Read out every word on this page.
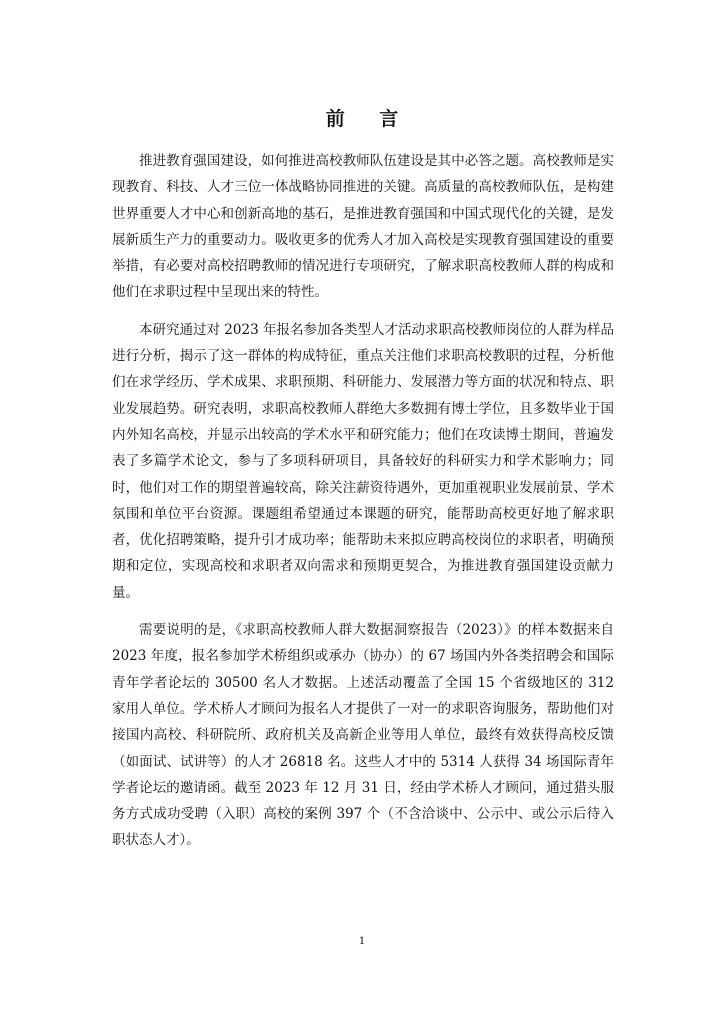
前 言

推进教育强国建设，如何推进高校教师队伍建设是其中必答之题。高校教师是实现教育、科技、人才三位一体战略协同推进的关键。高质量的高校教师队伍，是构建世界重要人才中心和创新高地的基石，是推进教育强国和中国式现代化的关键，是发展新质生产力的重要动力。吸收更多的优秀人才加入高校是实现教育强国建设的重要举措，有必要对高校招聘教师的情况进行专项研究，了解求职高校教师人群的构成和他们在求职过程中呈现出来的特性。

本研究通过对 2023 年报名参加各类型人才活动求职高校教师岗位的人群为样品进行分析，揭示了这一群体的构成特征，重点关注他们求职高校教职的过程，分析他们在求学经历、学术成果、求职预期、科研能力、发展潜力等方面的状况和特点、职业发展趋势。研究表明，求职高校教师人群绝大多数拥有博士学位，且多数毕业于国内外知名高校，并显示出较高的学术水平和研究能力；他们在攻读博士期间，普遍发表了多篇学术论文，参与了多项科研项目，具备较好的科研实力和学术影响力；同时，他们对工作的期望普遍较高，除关注薪资待遇外，更加重视职业发展前景、学术氛围和单位平台资源。课题组希望通过本课题的研究，能帮助高校更好地了解求职者，优化招聘策略，提升引才成功率；能帮助未来拟应聘高校岗位的求职者，明确预期和定位，实现高校和求职者双向需求和预期更契合，为推进教育强国建设贡献力量。

需要说明的是，《求职高校教师人群大数据洞察报告（2023）》的样本数据来自 2023 年度，报名参加学术桥组织或承办（协办）的 67 场国内外各类招聘会和国际青年学者论坛的 30500 名人才数据。上述活动覆盖了全国 15 个省级地区的 312 家用人单位。学术桥人才顾问为报名人才提供了一对一的求职咨询服务，帮助他们对接国内高校、科研院所、政府机关及高新企业等用人单位，最终有效获得高校反馈（如面试、试讲等）的人才 26818 名。这些人才中的 5314 人获得 34 场国际青年学者论坛的邀请函。截至 2023 年 12 月 31 日，经由学术桥人才顾问，通过猎头服务方式成功受聘（入职）高校的案例 397 个（不含洽谈中、公示中、或公示后待入职状态人才）。

1
